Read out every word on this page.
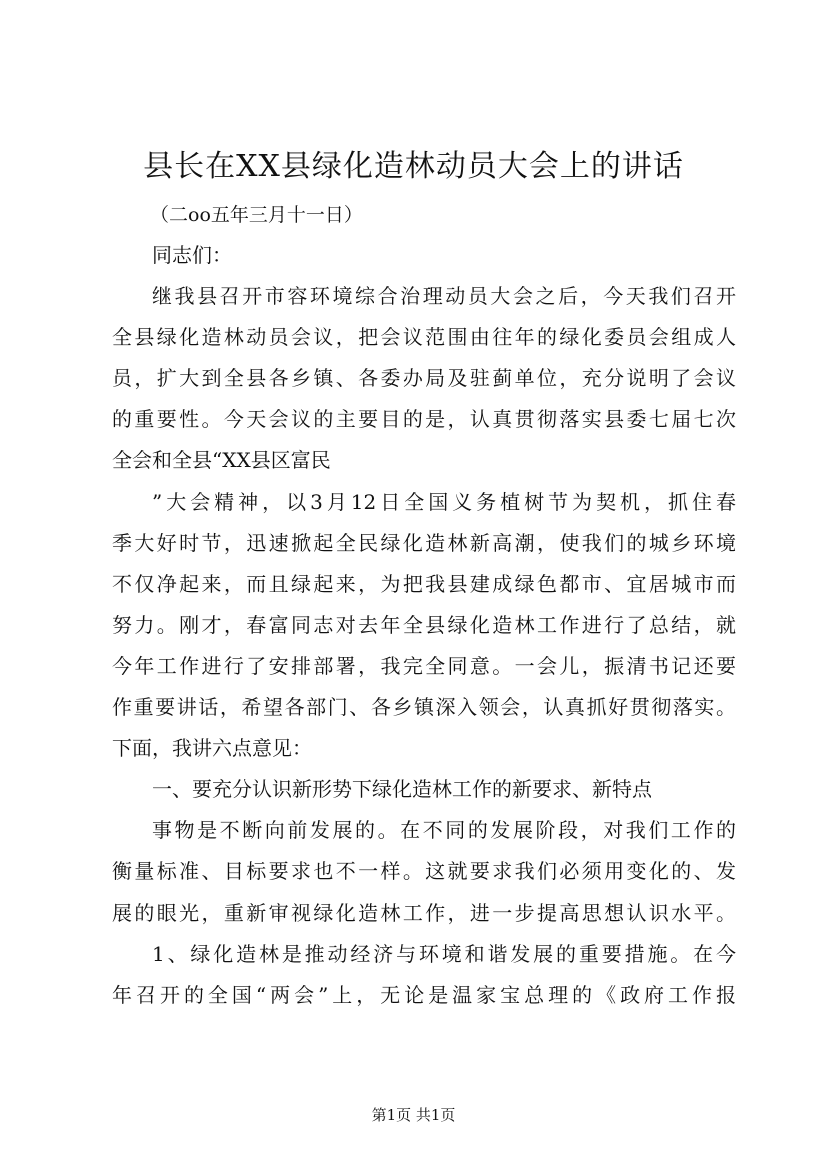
县长在XX县绿化造林动员大会上的讲话
（二oo五年三月十一日）
同志们：
继我县召开市容环境综合治理动员大会之后，今天我们召开
全县绿化造林动员会议，把会议范围由往年的绿化委员会组成人
员，扩大到全县各乡镇、各委办局及驻蓟单位，充分说明了会议
的重要性。今天会议的主要目的是，认真贯彻落实县委七届七次
全会和全县“XX县区富民
”大会精神，以3月12日全国义务植树节为契机，抓住春
季大好时节，迅速掀起全民绿化造林新高潮，使我们的城乡环境
不仅净起来，而且绿起来，为把我县建成绿色都市、宜居城市而
努力。刚才，春富同志对去年全县绿化造林工作进行了总结，就
今年工作进行了安排部署，我完全同意。一会儿，振清书记还要
作重要讲话，希望各部门、各乡镇深入领会，认真抓好贯彻落实。
下面，我讲六点意见：
一、要充分认识新形势下绿化造林工作的新要求、新特点
事物是不断向前发展的。在不同的发展阶段，对我们工作的
衡量标准、目标要求也不一样。这就要求我们必须用变化的、发
展的眼光，重新审视绿化造林工作，进一步提高思想认识水平。
1、绿化造林是推动经济与环境和谐发展的重要措施。在今
年召开的全国“两会”上，无论是温家宝总理的《政府工作报
第1页 共1页
